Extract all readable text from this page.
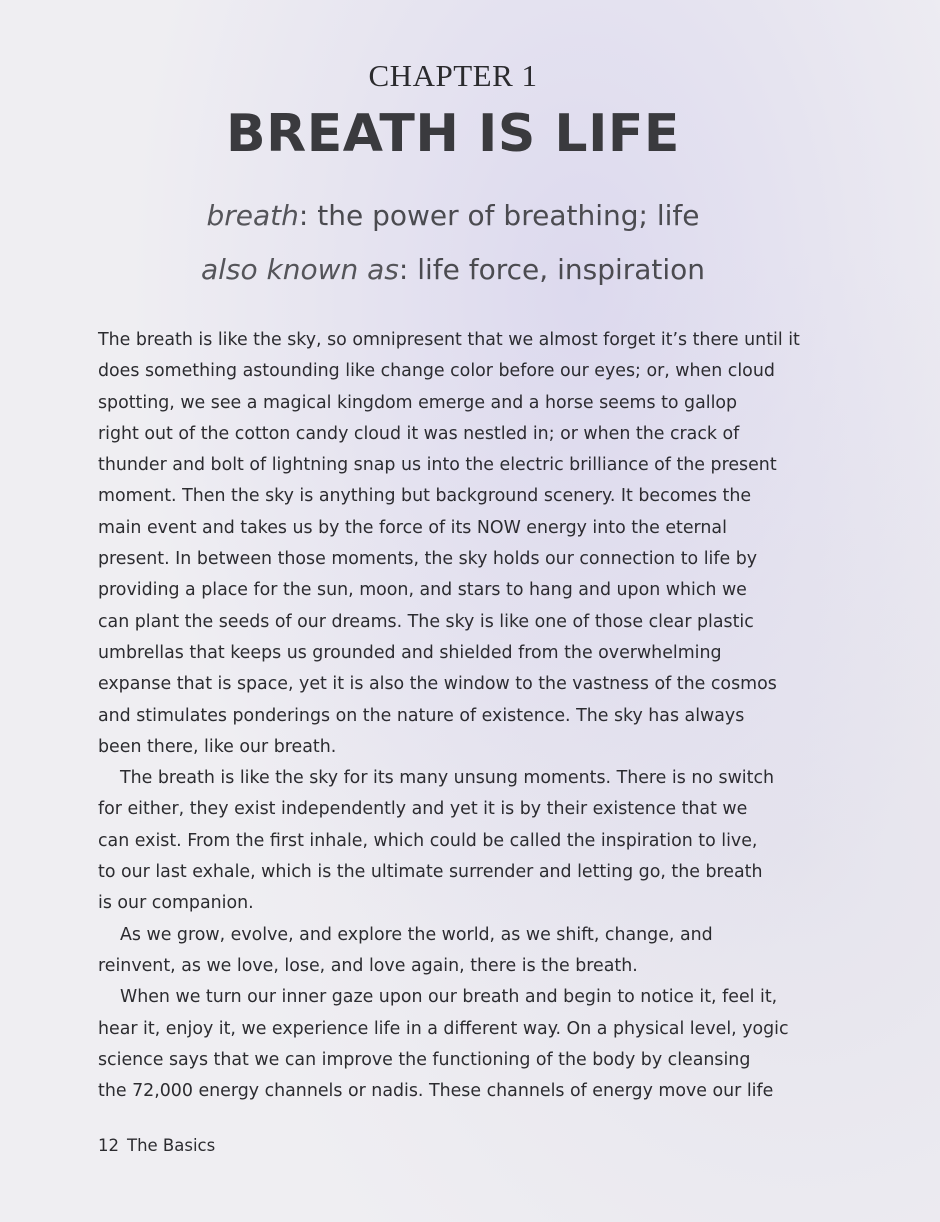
CHAPTER 1
BREATH IS LIFE
breath: the power of breathing; life
also known as: life force, inspiration
The breath is like the sky, so omnipresent that we almost forget it’s there until it
does something astounding like change color before our eyes; or, when cloud
spotting, we see a magical kingdom emerge and a horse seems to gallop
right out of the cotton candy cloud it was nestled in; or when the crack of
thunder and bolt of lightning snap us into the electric brilliance of the present
moment. Then the sky is anything but background scenery. It becomes the
main event and takes us by the force of its NOW energy into the eternal
present. In between those moments, the sky holds our connection to life by
providing a place for the sun, moon, and stars to hang and upon which we
can plant the seeds of our dreams. The sky is like one of those clear plastic
umbrellas that keeps us grounded and shielded from the overwhelming
expanse that is space, yet it is also the window to the vastness of the cosmos
and stimulates ponderings on the nature of existence. The sky has always
been there, like our breath.
The breath is like the sky for its many unsung moments. There is no switch
for either, they exist independently and yet it is by their existence that we
can exist. From the first inhale, which could be called the inspiration to live,
to our last exhale, which is the ultimate surrender and letting go, the breath
is our companion.
As we grow, evolve, and explore the world, as we shift, change, and
reinvent, as we love, lose, and love again, there is the breath.
When we turn our inner gaze upon our breath and begin to notice it, feel it,
hear it, enjoy it, we experience life in a different way. On a physical level, yogic
science says that we can improve the functioning of the body by cleansing
the 72,000 energy channels or nadis. These channels of energy move our life
12 The Basics
